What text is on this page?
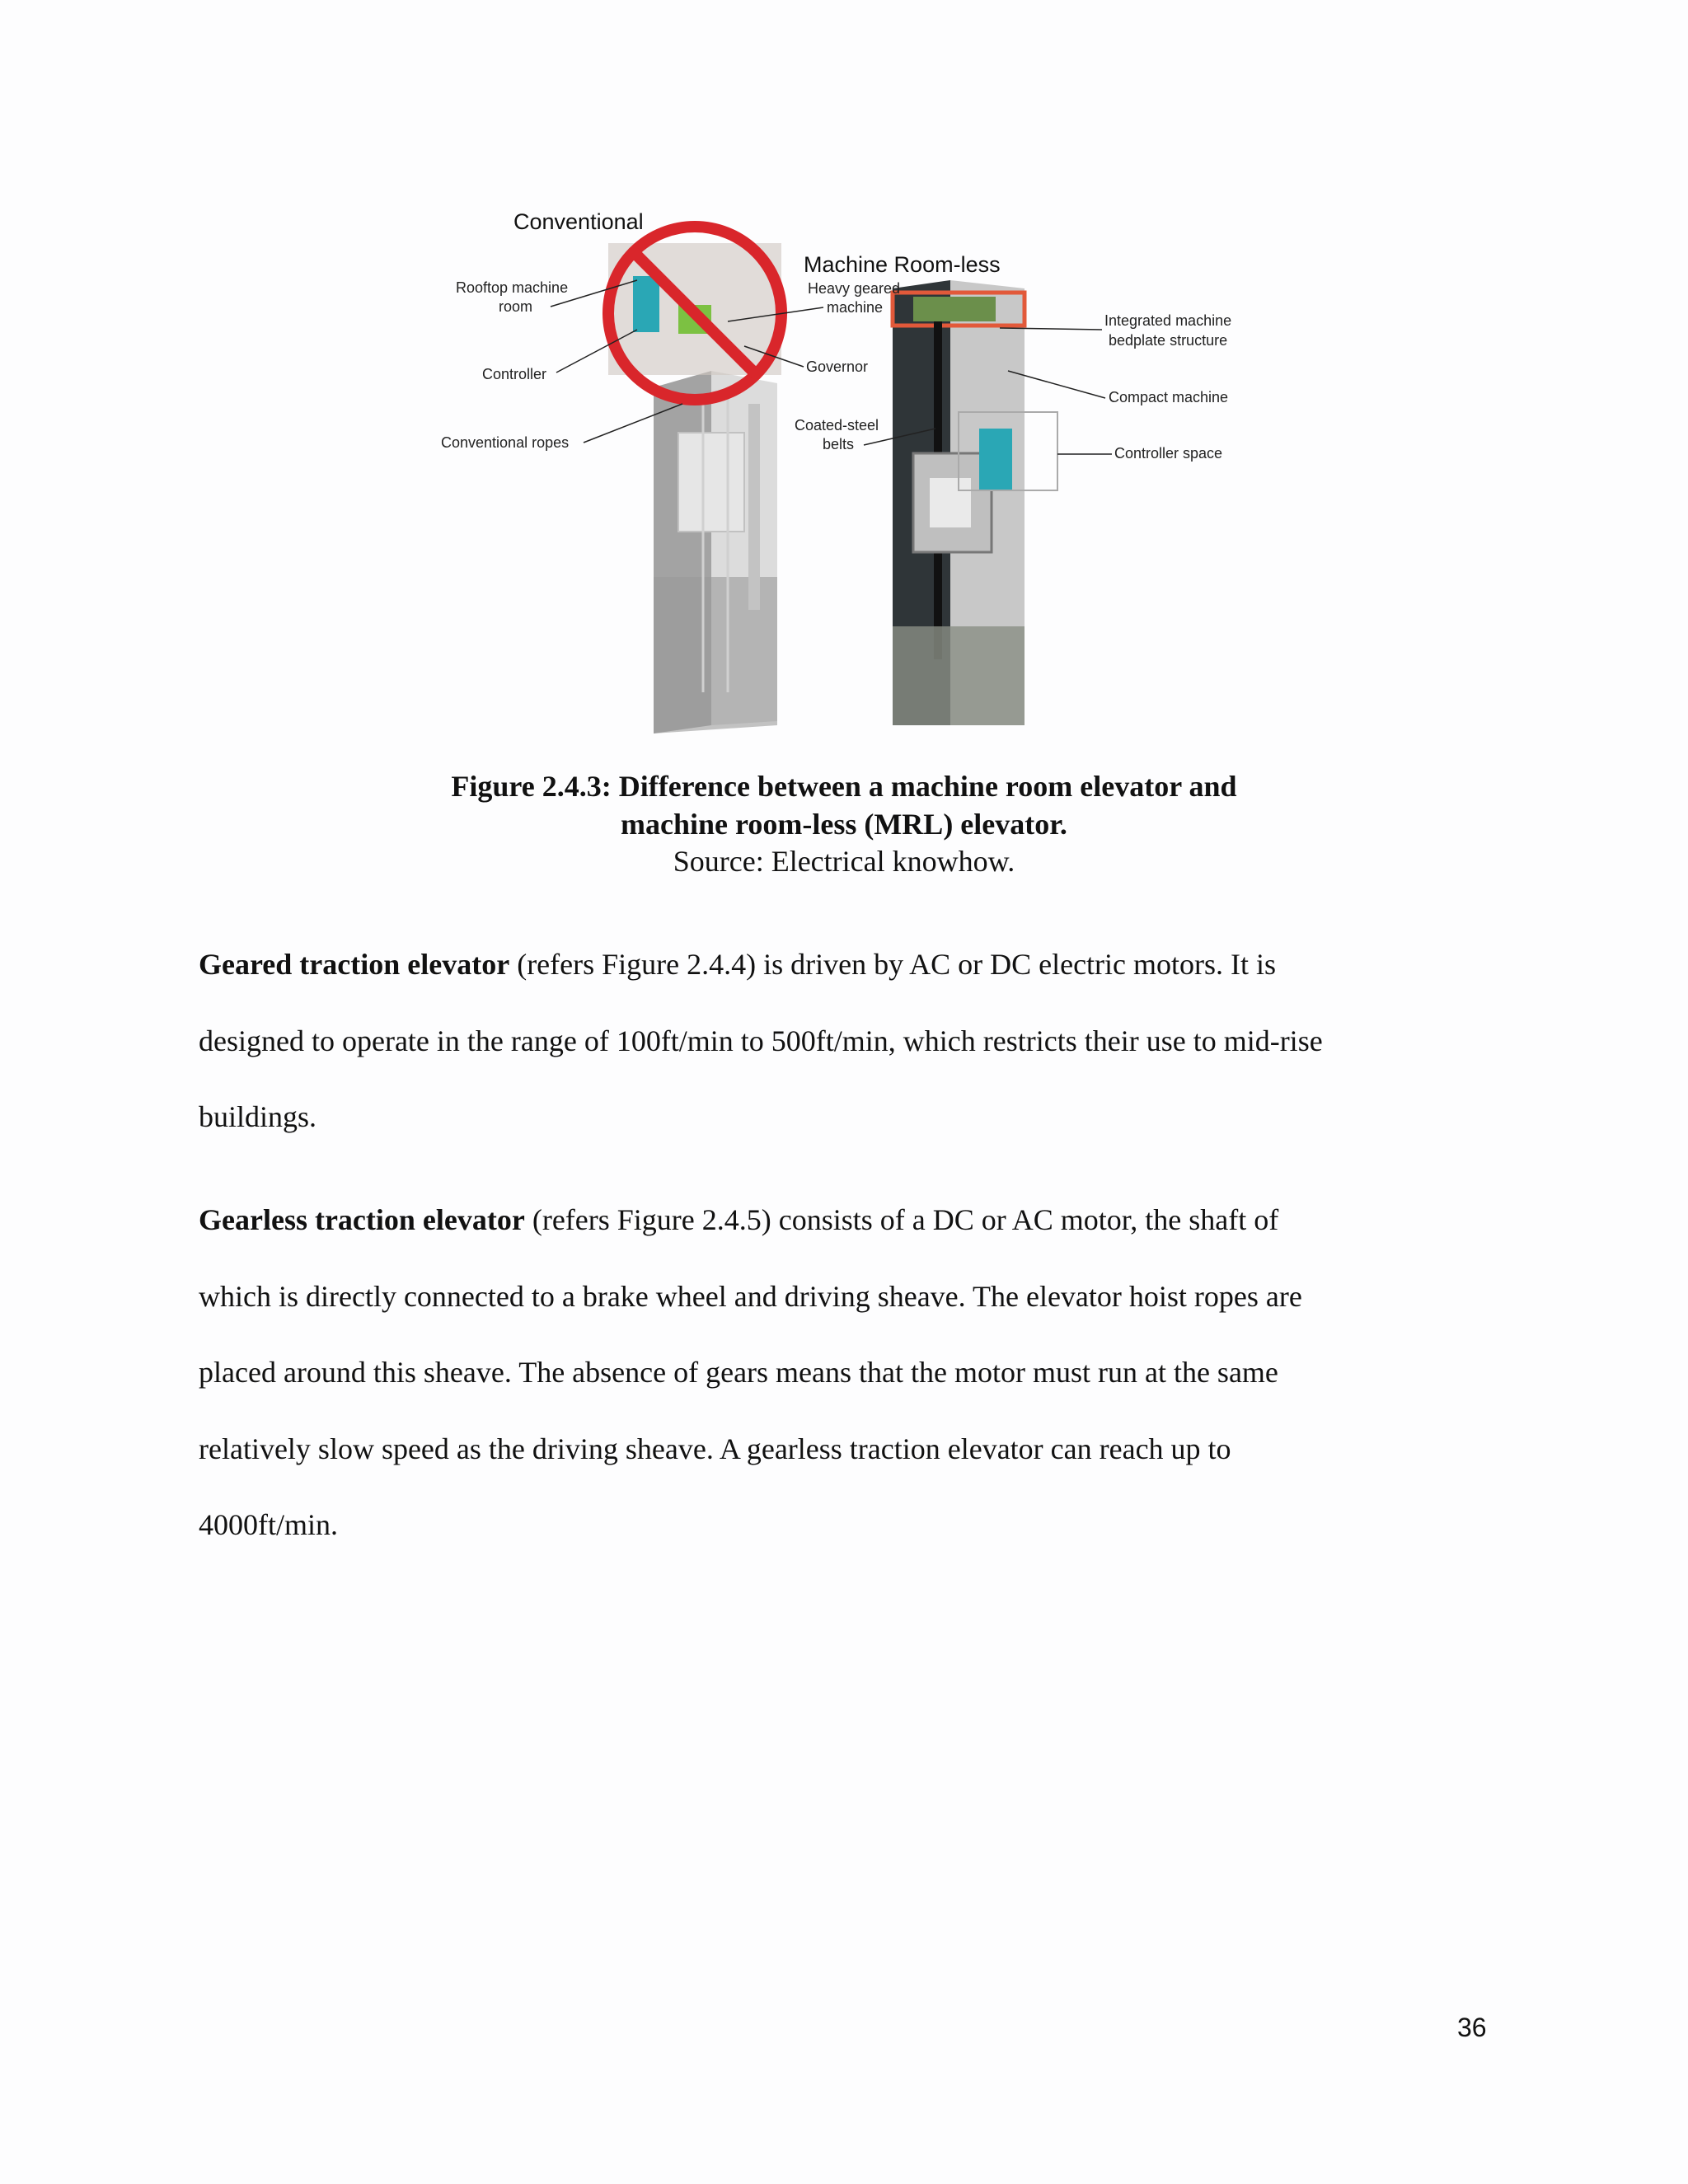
Conventional
Machine Room-less
Rooftop machine
room
Controller
Conventional ropes
Heavy geared
machine
Governor
Coated-steel
belts
Integrated machine
bedplate structure
Compact machine
Controller space
Figure 2.4.3: Difference between a machine room elevator and
machine room-less (MRL) elevator.
Source: Electrical knowhow.
Geared traction elevator (refers Figure 2.4.4) is driven by AC or DC electric motors. It is
designed to operate in the range of 100ft/min to 500ft/min, which restricts their use to mid-rise
buildings.
Gearless traction elevator (refers Figure 2.4.5) consists of a DC or AC motor, the shaft of
which is directly connected to a brake wheel and driving sheave. The elevator hoist ropes are
placed around this sheave. The absence of gears means that the motor must run at the same
relatively slow speed as the driving sheave. A gearless traction elevator can reach up to
4000ft/min.
36
